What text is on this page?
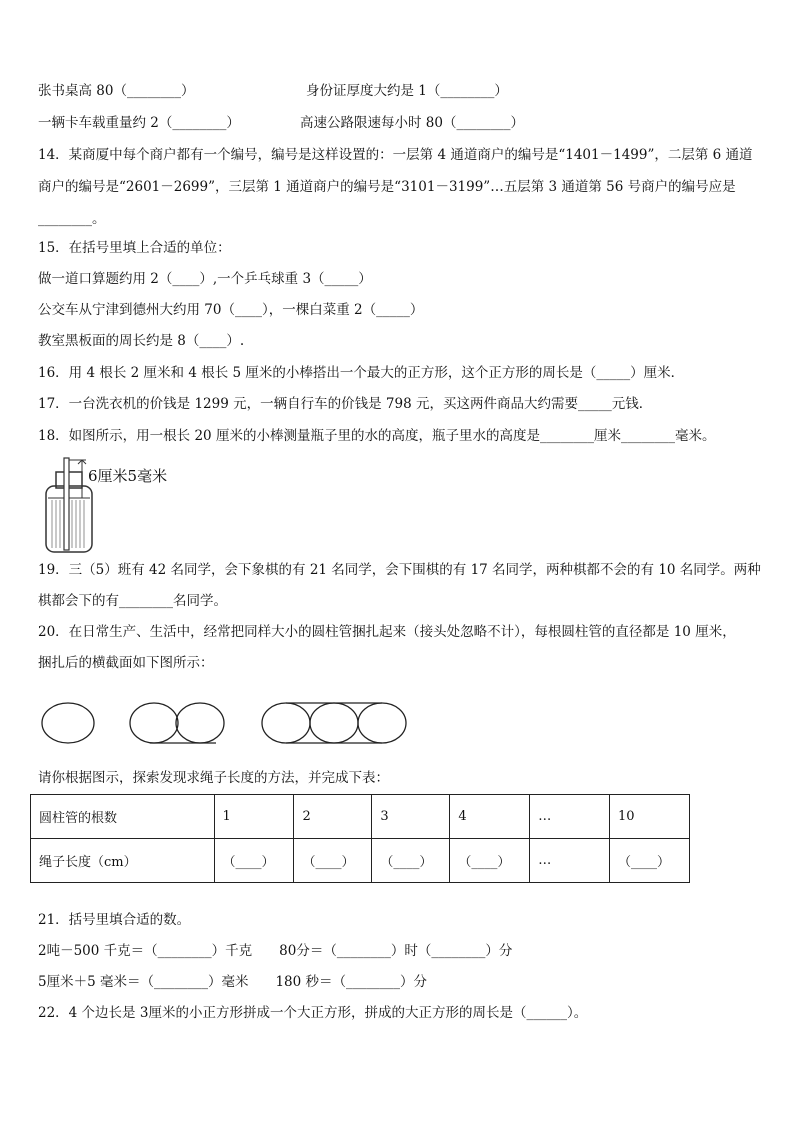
张书桌高 80（________）	身份证厚度大约是 1（________）
一辆卡车载重量约 2（________）	高速公路限速每小时 80（________）
14．某商厦中每个商户都有一个编号，编号是这样设置的：一层第 4 通道商户的编号是“1401－1499”，二层第 6 通道
商户的编号是“2601－2699”，三层第 1 通道商户的编号是“3101－3199”…五层第 3 通道第 56 号商户的编号应是
________。
15．在括号里填上合适的单位：
做一道口算题约用 2（____）,一个乒乓球重 3（_____）
公交车从宁津到德州大约用 70（____），一棵白菜重 2（_____）
教室黑板面的周长约是 8（____）.
16．用 4 根长 2 厘米和 4 根长 5 厘米的小棒搭出一个最大的正方形，这个正方形的周长是（_____）厘米．
17．一台洗衣机的价钱是 1299 元，一辆自行车的价钱是 798 元，买这两件商品大约需要_____元钱．
18．如图所示，用一根长 20 厘米的小棒测量瓶子里的水的高度，瓶子里水的高度是________厘米________毫米。
6厘米5毫米
19．三（5）班有 42 名同学，会下象棋的有 21 名同学，会下围棋的有 17 名同学，两种棋都不会的有 10 名同学。两种
棋都会下的有________名同学。
20．在日常生产、生活中，经常把同样大小的圆柱管捆扎起来（接头处忽略不计），每根圆柱管的直径都是 10 厘米，
捆扎后的横截面如下图所示：
请你根据图示，探索发现求绳子长度的方法，并完成下表：
圆柱管的根数	1	2	3	4	…	10
绳子长度（cm）	（____）	（____）	（____）	（____）	…	（____）
21．括号里填合适的数。
2吨－500 千克＝（________）千克　　80分＝（________）时（________）分
5厘米＋5 毫米＝（________）毫米　　180 秒＝（________）分
22．4 个边长是 3厘米的小正方形拼成一个大正方形，拼成的大正方形的周长是（______）。
